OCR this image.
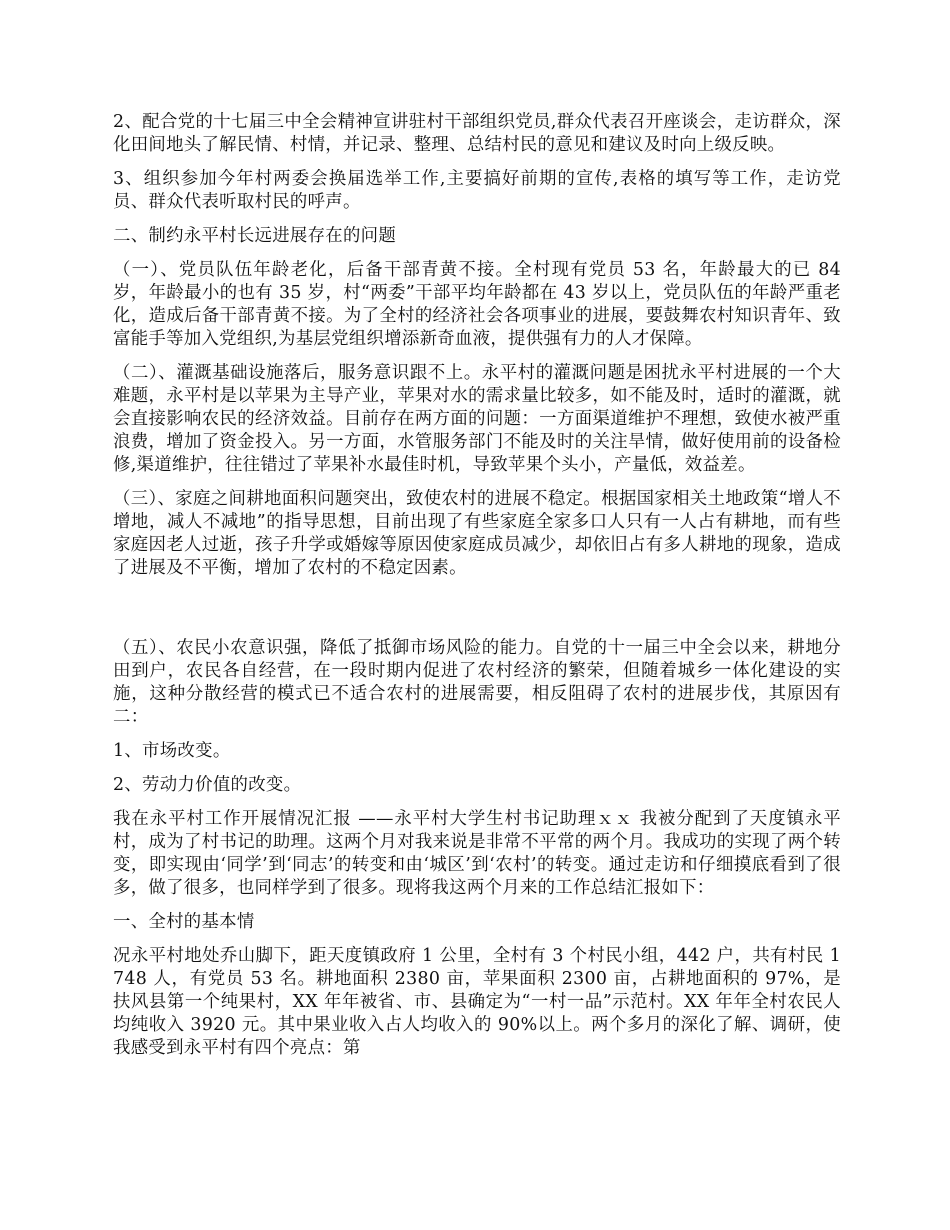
2、配合党的十七届三中全会精神宣讲驻村干部组织党员,群众代表召开座谈会，走访群众，深化田间地头了解民情、村情，并记录、整理、总结村民的意见和建议及时向上级反映。

3、组织参加今年村两委会换届选举工作,主要搞好前期的宣传,表格的填写等工作，走访党员、群众代表听取村民的呼声。

二、制约永平村长远进展存在的问题

（一）、党员队伍年龄老化，后备干部青黄不接。全村现有党员 53 名，年龄最大的已 84 岁，年龄最小的也有 35 岁，村“两委”干部平均年龄都在 43 岁以上，党员队伍的年龄严重老化，造成后备干部青黄不接。为了全村的经济社会各项事业的进展，要鼓舞农村知识青年、致富能手等加入党组织,为基层党组织增添新奇血液，提供强有力的人才保障。

（二）、灌溉基础设施落后，服务意识跟不上。永平村的灌溉问题是困扰永平村进展的一个大难题，永平村是以苹果为主导产业，苹果对水的需求量比较多，如不能及时，适时的灌溉，就会直接影响农民的经济效益。目前存在两方面的问题：一方面渠道维护不理想，致使水被严重浪费，增加了资金投入。另一方面，水管服务部门不能及时的关注旱情，做好使用前的设备检修,渠道维护，往往错过了苹果补水最佳时机，导致苹果个头小，产量低，效益差。

（三）、家庭之间耕地面积问题突出，致使农村的进展不稳定。根据国家相关土地政策“增人不增地，减人不减地”的指导思想，目前出现了有些家庭全家多口人只有一人占有耕地，而有些家庭因老人过逝，孩子升学或婚嫁等原因使家庭成员减少，却依旧占有多人耕地的现象，造成了进展及不平衡，增加了农村的不稳定因素。

（五）、农民小农意识强，降低了抵御市场风险的能力。自党的十一届三中全会以来，耕地分田到户，农民各自经营，在一段时期内促进了农村经济的繁荣，但随着城乡一体化建设的实施，这种分散经营的模式已不适合农村的进展需要，相反阻碍了农村的进展步伐，其原因有二：

1、市场改变。

2、劳动力价值的改变。

我在永平村工作开展情况汇报 ——永平村大学生村书记助理ｘｘ 我被分配到了天度镇永平村，成为了村书记的助理。这两个月对我来说是非常不平常的两个月。我成功的实现了两个转变，即实现由‘同学’到‘同志’的转变和由‘城区’到‘农村’的转变。通过走访和仔细摸底看到了很多，做了很多，也同样学到了很多。现将我这两个月来的工作总结汇报如下：

一、全村的基本情

况永平村地处乔山脚下，距天度镇政府 1 公里，全村有 3 个村民小组，442 户，共有村民 1748 人，有党员 53 名。耕地面积 2380 亩，苹果面积 2300 亩，占耕地面积的 97%，是扶风县第一个纯果村，XX 年年被省、市、县确定为“一村一品”示范村。XX 年年全村农民人均纯收入 3920 元。其中果业收入占人均收入的 90%以上。两个多月的深化了解、调研，使我感受到永平村有四个亮点：第
